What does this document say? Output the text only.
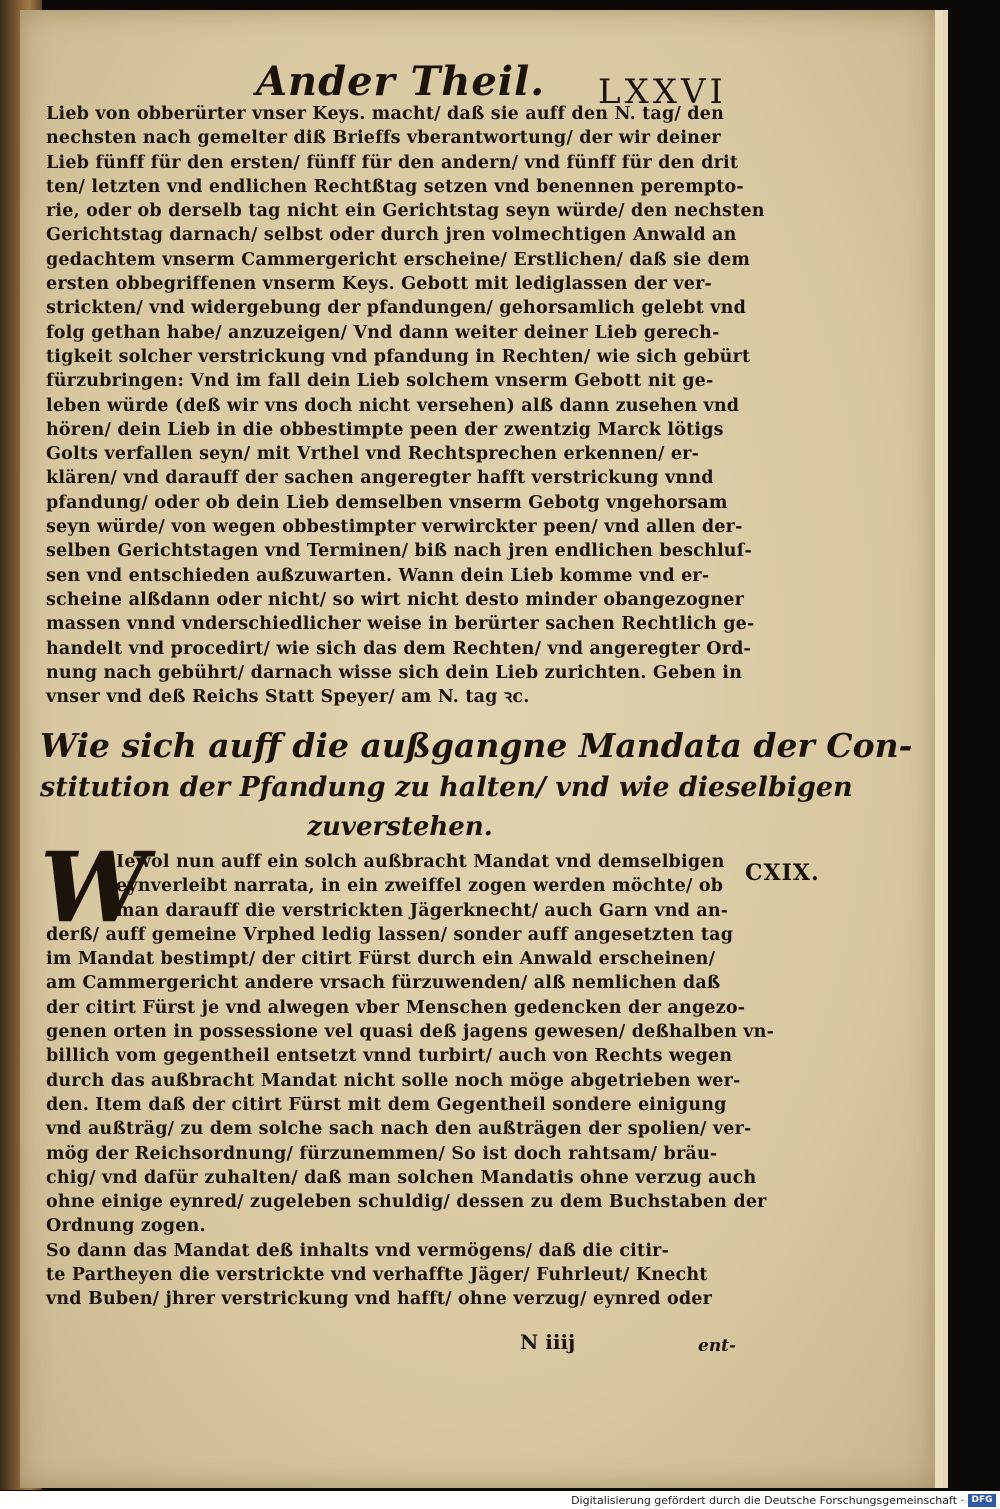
Ander Theil. LXXVI
Lieb von obberürter vnser Keys. macht/ daß sie auff den N. tag/ den
nechsten nach gemelter diß Brieffs vberantwortung/ der wir deiner
Lieb fünff für den ersten/ fünff für den andern/ vnd fünff für den drit
ten/ letzten vnd endlichen Rechtßtag setzen vnd benennen perempto-
rie, oder ob derselb tag nicht ein Gerichtstag seyn würde/ den nechsten
Gerichtstag darnach/ selbst oder durch jren volmechtigen Anwald an
gedachtem vnserm Cammergericht erscheine/ Erstlichen/ daß sie dem
ersten obbegriffenen vnserm Keys. Gebott mit lediglassen der ver-
strickten/ vnd widergebung der pfandungen/ gehorsamlich gelebt vnd
folg gethan habe/ anzuzeigen/ Vnd dann weiter deiner Lieb gerech-
tigkeit solcher verstrickung vnd pfandung in Rechten/ wie sich gebürt
fürzubringen: Vnd im fall dein Lieb solchem vnserm Gebott nit ge-
leben würde (deß wir vns doch nicht versehen) alß dann zusehen vnd
hören/ dein Lieb in die obbestimpte peen der zwentzig Marck lötigs
Golts verfallen seyn/ mit Vrthel vnd Rechtsprechen erkennen/ er-
klären/ vnd darauff der sachen angeregter hafft verstrickung vnnd
pfandung/ oder ob dein Lieb demselben vnserm Gebotg vngehorsam
seyn würde/ von wegen obbestimpter verwirckter peen/ vnd allen der-
selben Gerichtstagen vnd Terminen/ biß nach jren endlichen beschluſ-
sen vnd entschieden außzuwarten. Wann dein Lieb komme vnd er-
scheine alßdann oder nicht/ so wirt nicht desto minder obangezogner
massen vnnd vnderschiedlicher weise in berürter sachen Rechtlich ge-
handelt vnd procedirt/ wie sich das dem Rechten/ vnd angeregter Ord-
nung nach gebührt/ darnach wisse sich dein Lieb zurichten. Geben in
vnser vnd deß Reichs Statt Speyer/ am N. tag ꝛc.
Wie sich auff die außgangne Mandata der Con-
stitution der Pfandung zu halten/ vnd wie dieselbigen
zuverstehen.
W
Iewol nun auff ein solch außbracht Mandat vnd demselbigen
eynverleibt narrata, in ein zweiffel zogen werden möchte/ ob
man darauff die verstrickten Jägerknecht/ auch Garn vnd an-
derß/ auff gemeine Vrphed ledig lassen/ sonder auff angesetzten tag
im Mandat bestimpt/ der citirt Fürst durch ein Anwald erscheinen/
am Cammergericht andere vrsach fürzuwenden/ alß nemlichen daß
der citirt Fürst je vnd alwegen vber Menschen gedencken der angezo-
genen orten in possessione vel quasi deß jagens gewesen/ deßhalben vn-
billich vom gegentheil entsetzt vnnd turbirt/ auch von Rechts wegen
durch das außbracht Mandat nicht solle noch möge abgetrieben wer-
den. Item daß der citirt Fürst mit dem Gegentheil sondere einigung
vnd außträg/ zu dem solche sach nach den außträgen der spolien/ ver-
mög der Reichsordnung/ fürzunemmen/ So ist doch rahtsam/ bräu-
chig/ vnd dafür zuhalten/ daß man solchen Mandatis ohne verzug auch
ohne einige eynred/ zugeleben schuldig/ dessen zu dem Buchstaben der
Ordnung zogen.
So dann das Mandat deß inhalts vnd vermögens/ daß die citir-
te Partheyen die verstrickte vnd verhaffte Jäger/ Fuhrleut/ Knecht
vnd Buben/ jhrer verstrickung vnd hafft/ ohne verzug/ eynred oder
CXIX.
N iiij	ent-
Digitalisierung gefördert durch die Deutsche Forschungsgemeinschaft · DFG
